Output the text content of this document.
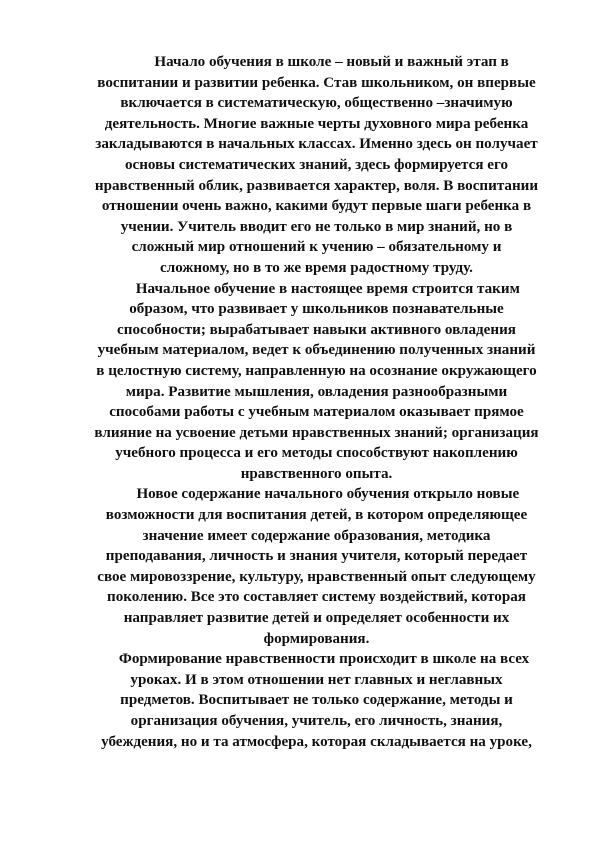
Начало обучения в школе – новый и важный этап в
воспитании и развитии ребенка. Став школьником, он впервые
включается в систематическую, общественно –значимую
деятельность. Многие важные черты духовного мира ребенка
закладываются в начальных классах. Именно здесь он получает
основы систематических знаний, здесь формируется его
нравственный облик, развивается характер, воля. В воспитании
отношении очень важно, какими будут первые шаги ребенка в
учении. Учитель вводит его не только в мир знаний, но в
сложный мир отношений к учению – обязательному и
сложному, но в то же время радостному труду.
Начальное обучение в настоящее время строится таким
образом, что развивает у школьников познавательные
способности; вырабатывает навыки активного овладения
учебным материалом, ведет к объединению полученных знаний
в целостную систему, направленную на осознание окружающего
мира. Развитие мышления, овладения разнообразными
способами работы с учебным материалом оказывает прямое
влияние на усвоение детьми нравственных знаний; организация
учебного процесса и его методы способствуют накоплению
нравственного опыта.
Новое содержание начального обучения открыло новые
возможности для воспитания детей, в котором определяющее
значение имеет содержание образования, методика
преподавания, личность и знания учителя, который передает
свое мировоззрение, культуру, нравственный опыт следующему
поколению. Все это составляет систему воздействий, которая
направляет развитие детей и определяет особенности их
формирования.
Формирование нравственности происходит в школе на всех
уроках. И в этом отношении нет главных и неглавных
предметов. Воспитывает не только содержание, методы и
организация обучения, учитель, его личность, знания,
убеждения, но и та атмосфера, которая складывается на уроке,
